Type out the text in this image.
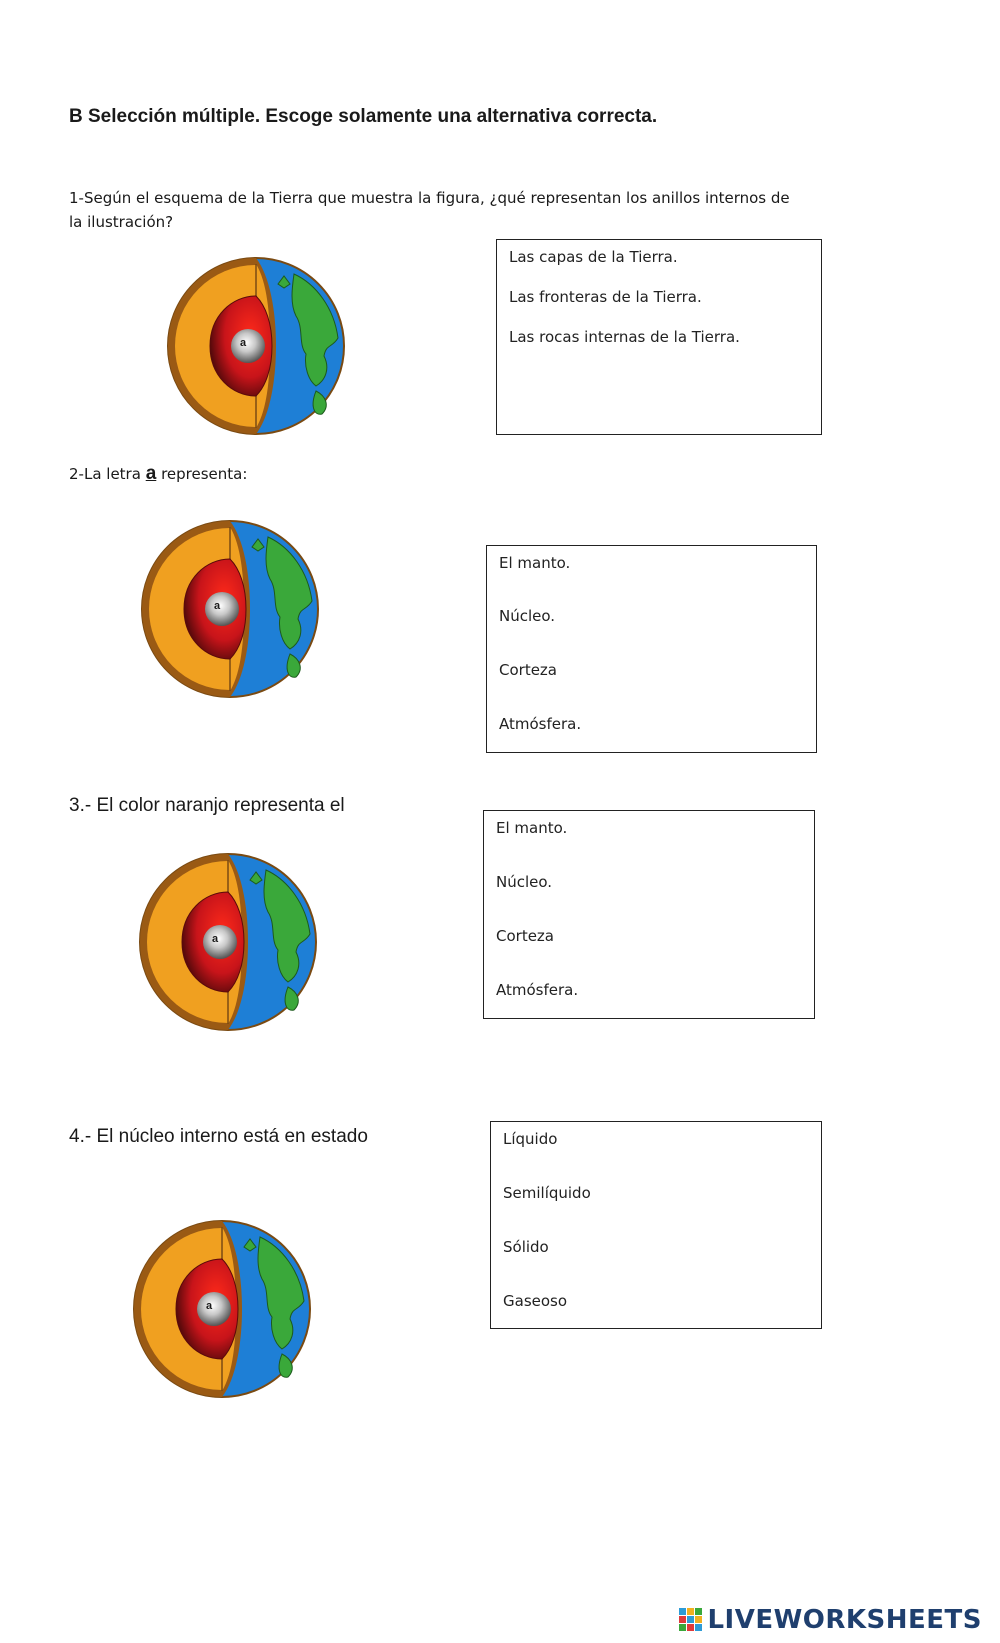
B Selección múltiple. Escoge solamente una alternativa correcta.
1-Según el esquema de la Tierra que muestra la figura, ¿qué representan los anillos internos de
la ilustración?
a
Las capas de la Tierra.
Las fronteras de la Tierra.
Las rocas internas de la Tierra.
2-La letra a representa:
a
El manto.
Núcleo.
Corteza
Atmósfera.
3.- El color naranjo representa el
a
El manto.
Núcleo.
Corteza
Atmósfera.
4.- El núcleo interno está en estado
a
Líquido
Semilíquido
Sólido
Gaseoso
LIVEWORKSHEETS
